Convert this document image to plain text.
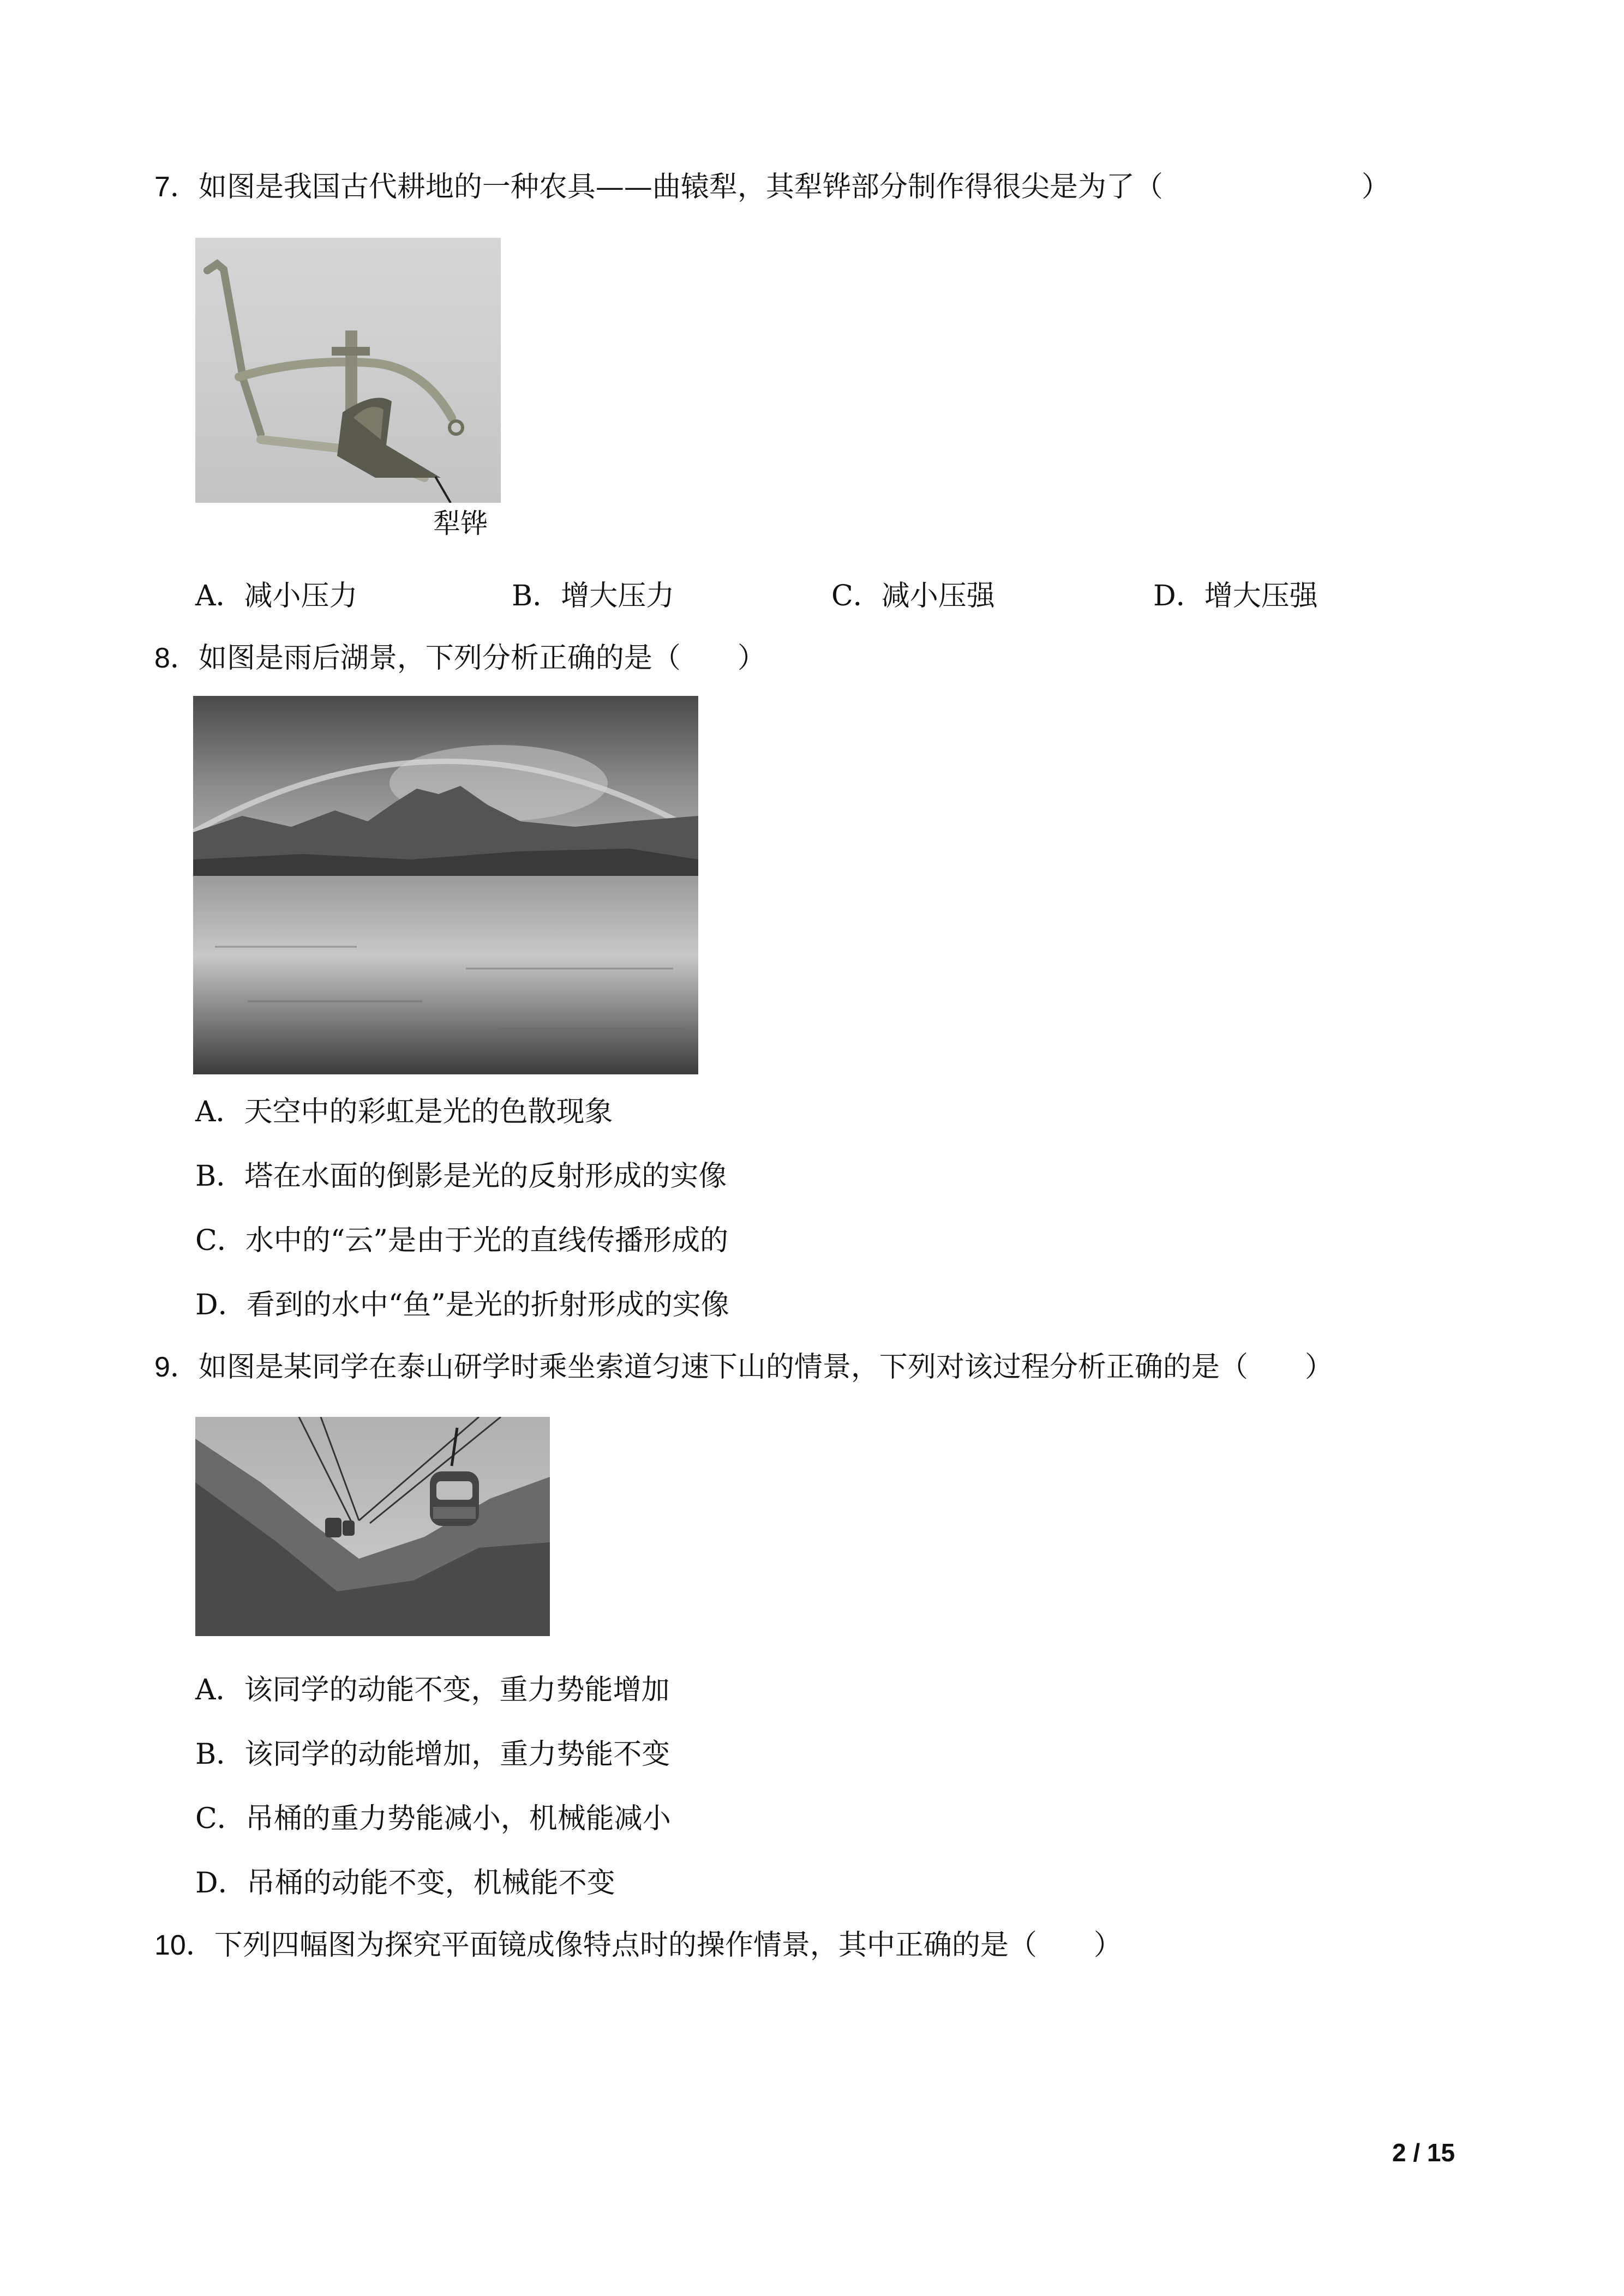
7．如图是我国古代耕地的一种农具——曲辕犁，其犁铧部分制作得很尖是为了（　　　　　　　）
犁铧
A．减小压力	B．增大压力	C．减小压强	D．增大压强
8．如图是雨后湖景，下列分析正确的是（　　）
A．天空中的彩虹是光的色散现象
B．塔在水面的倒影是光的反射形成的实像
C．水中的“云”是由于光的直线传播形成的
D．看到的水中“鱼”是光的折射形成的实像
9．如图是某同学在泰山研学时乘坐索道匀速下山的情景，下列对该过程分析正确的是（　　）
A．该同学的动能不变，重力势能增加
B．该同学的动能增加，重力势能不变
C．吊桶的重力势能减小，机械能减小
D．吊桶的动能不变，机械能不变
10．下列四幅图为探究平面镜成像特点时的操作情景，其中正确的是（　　）
2 / 15
